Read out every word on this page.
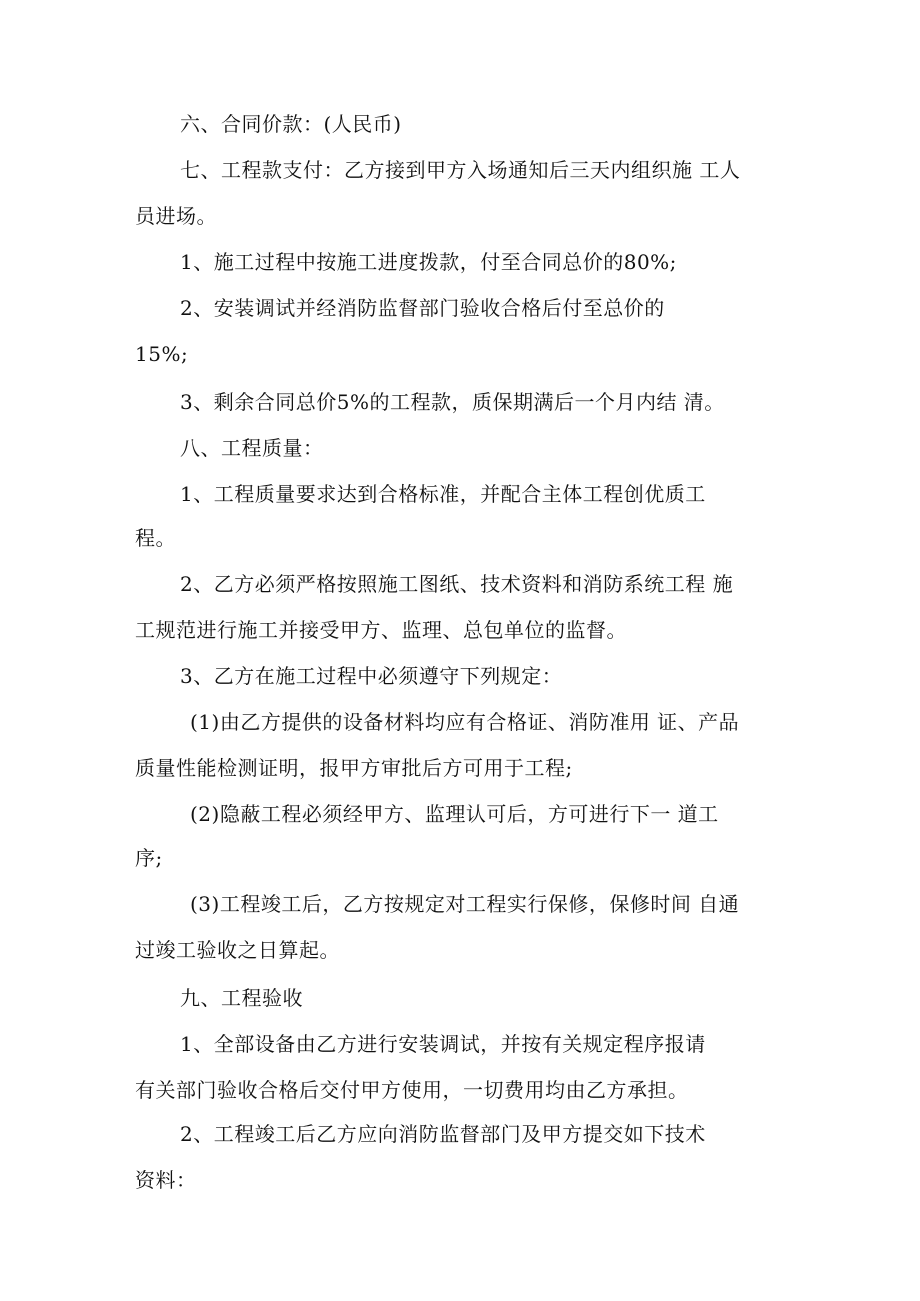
六、合同价款：(人民币)
七、工程款支付：乙方接到甲方入场通知后三天内组织施 工人
员进场。
1、施工过程中按施工进度拨款，付至合同总价的80%;
2、安装调试并经消防监督部门验收合格后付至总价的
15%;
3、剩余合同总价5%的工程款，质保期满后一个月内结 清。
八、工程质量：
1、工程质量要求达到合格标准，并配合主体工程创优质工
程。
2、乙方必须严格按照施工图纸、技术资料和消防系统工程 施
工规范进行施工并接受甲方、监理、总包单位的监督。
3、乙方在施工过程中必须遵守下列规定：
(1)由乙方提供的设备材料均应有合格证、消防准用 证、产品
质量性能检测证明，报甲方审批后方可用于工程;
(2)隐蔽工程必须经甲方、监理认可后，方可进行下一 道工
序;
(3)工程竣工后，乙方按规定对工程实行保修，保修时间 自通
过竣工验收之日算起。
九、工程验收
1、全部设备由乙方进行安装调试，并按有关规定程序报请
有关部门验收合格后交付甲方使用，一切费用均由乙方承担。
2、工程竣工后乙方应向消防监督部门及甲方提交如下技术
资料：
